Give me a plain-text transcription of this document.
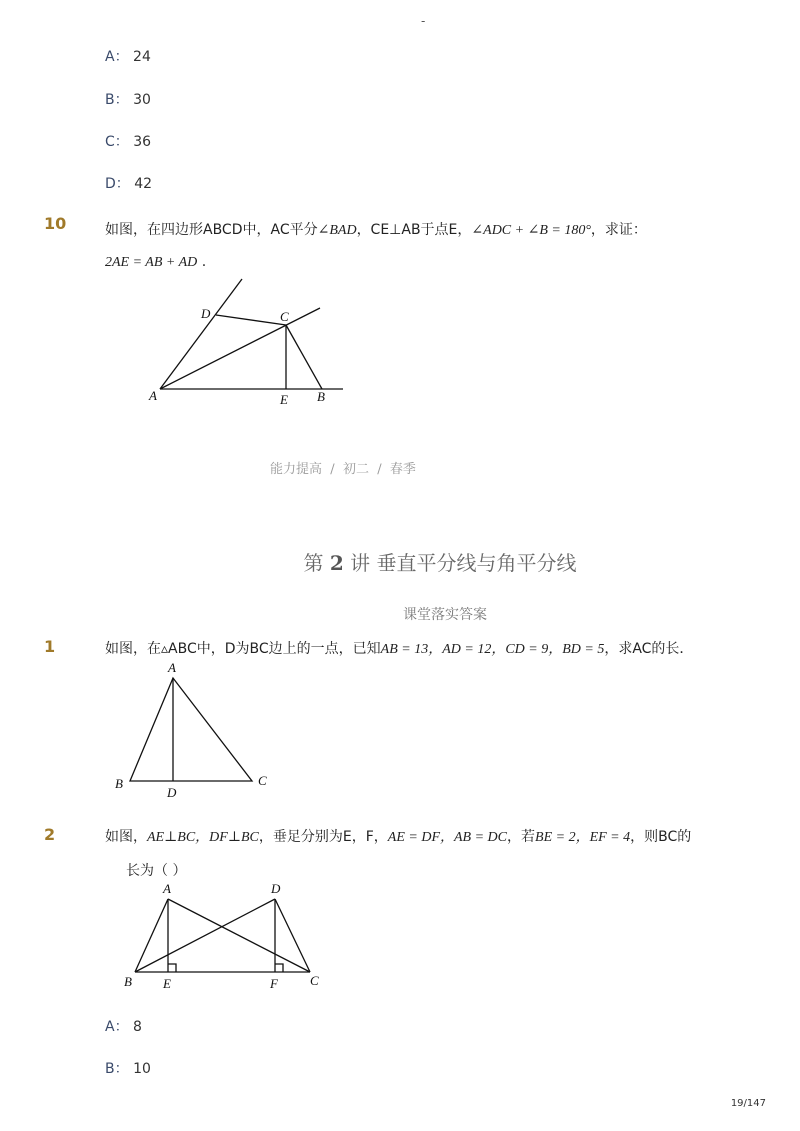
-
A： 24
B： 30
C： 36
D： 42
10	如图，在四边形ABCD中，AC平分∠BAD，CE⊥AB于点E，∠ADC + ∠B = 180°，求证：
2AE = AB + AD .
A
D	C
E B
能力提高 / 初二 / 春季
第 2 讲 垂直平分线与角平分线
课堂落实答案
1	如图，在▵ABC中，D为BC边上的一点，已知AB = 13，AD = 12，CD = 9，BD = 5，求AC的长．
A
B	C
D
2	如图，AE⊥BC，DF⊥BC，垂足分别为E，F，AE = DF，AB = DC，若BE = 2，EF = 4，则BC的
长为（ ）
A	D
B E	F C
A： 8
B： 10
19/147
